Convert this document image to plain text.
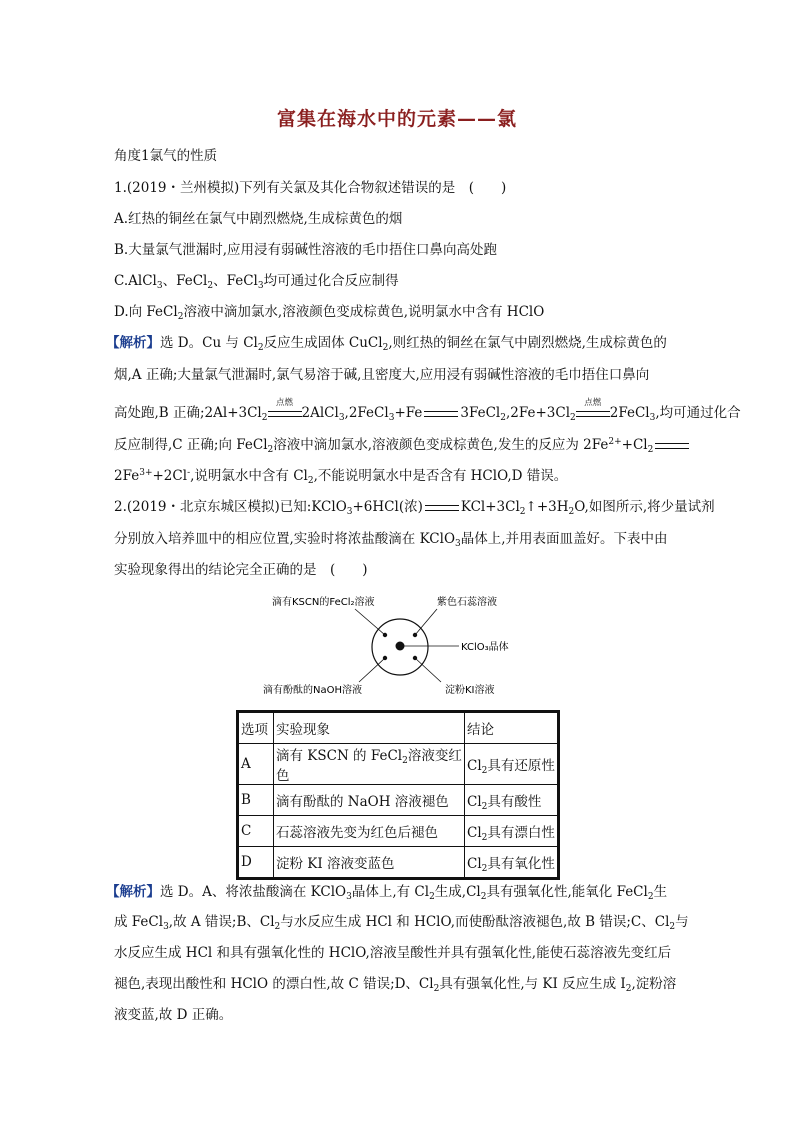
富集在海水中的元素——氯
角度1氯气的性质
1.(2019・兰州模拟)下列有关氯及其化合物叙述错误的是　(　　)
A.红热的铜丝在氯气中剧烈燃烧,生成棕黄色的烟
B.大量氯气泄漏时,应用浸有弱碱性溶液的毛巾捂住口鼻向高处跑
C.AlCl$_3$、FeCl$_2$、FeCl$_3$均可通过化合反应制得
D.向 FeCl$_2$溶液中滴加氯水,溶液颜色变成棕黄色,说明氯水中含有 HClO
【解析】选 D。Cu 与 $Cl_2$反应生成固体 CuCl$_2$,则红热的铜丝在氯气中剧烈燃烧,生成棕黄色的
烟,A 正确;大量氯气泄漏时,氯气易溶于碱,且密度大,应用浸有弱碱性溶液的毛巾捂住口鼻向
高处跑,B 正确$;2Al+3Cl_2$
点燃
2AlCl$_3$,2FeCl$_3$+Fe	$3FeCl_2,2Fe+3Cl_2$
点燃
2FeCl$_3$,均可通过化合
反应制得,C 正确;向 FeCl$_2$溶液中滴加氯水,溶液颜色变成棕黄色,发生的反应为 $2Fe^{2+}+Cl_2$
$2Fe^{3+}+2Cl^-$,说明氯水中含有 $Cl_2$,不能说明氯水中是否含有 HClO,D 错误。
2.(2019・北京东城区模拟)已知:KClO$_3$+6HCl(浓)	$KCl+3Cl_2↑+3H_2O$,如图所示,将少量试剂
分别放入培养皿中的相应位置,实验时将浓盐酸滴在 KClO$_3$晶体上,并用表面皿盖好。下表中由
实验现象得出的结论完全正确的是　(　　)
滴有KSCN的FeCl₂溶液	紫色石蕊溶液
KClO₃晶体
滴有酚酞的NaOH溶液	淀粉KI溶液
选项	实验现象	结论
A	滴有 KSCN 的 FeCl$_2$溶液变红色	$Cl_2$具有还原性
B	滴有酚酞的 NaOH 溶液褪色	$Cl_2$具有酸性
C	石蕊溶液先变为红色后褪色	$Cl_2$具有漂白性
D	淀粉 KI 溶液变蓝色	$Cl_2$具有氧化性
【解析】选 D。A、将浓盐酸滴在 KClO$_3$晶体上,有 $Cl_2$生成$,Cl_2$具有强氧化性,能氧化 FeCl$_2$生
成 FeCl$_3$,故 A 错误;B、$Cl_2$与水反应生成 HCl 和 HClO,而使酚酞溶液褪色,故 B 错误;C、$Cl_2$与
水反应生成 HCl 和具有强氧化性的 HClO,溶液呈酸性并具有强氧化性,能使石蕊溶液先变红后
褪色,表现出酸性和 HClO 的漂白性,故 C 错误;D、$Cl_2$具有强氧化性,与 KI 反应生成 $I_2$,淀粉溶
液变蓝,故 D 正确。
